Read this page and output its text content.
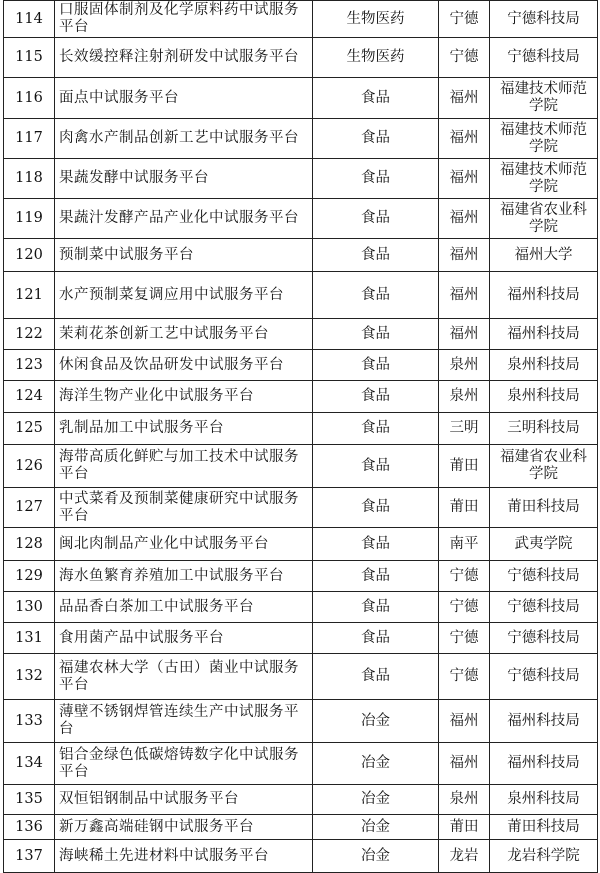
114	口服固体制剂及化学原料药中试服务平台	生物医药	宁德	宁德科技局
115	长效缓控释注射剂研发中试服务平台	生物医药	宁德	宁德科技局
116	面点中试服务平台	食品	福州	福建技术师范学院
117	肉禽水产制品创新工艺中试服务平台	食品	福州	福建技术师范学院
118	果蔬发酵中试服务平台	食品	福州	福建技术师范学院
119	果蔬汁发酵产品产业化中试服务平台	食品	福州	福建省农业科学院
120	预制菜中试服务平台	食品	福州	福州大学
121	水产预制菜复调应用中试服务平台	食品	福州	福州科技局
122	茉莉花茶创新工艺中试服务平台	食品	福州	福州科技局
123	休闲食品及饮品研发中试服务平台	食品	泉州	泉州科技局
124	海洋生物产业化中试服务平台	食品	泉州	泉州科技局
125	乳制品加工中试服务平台	食品	三明	三明科技局
126	海带高质化鲜贮与加工技术中试服务平台	食品	莆田	福建省农业科学院
127	中式菜肴及预制菜健康研究中试服务平台	食品	莆田	莆田科技局
128	闽北肉制品产业化中试服务平台	食品	南平	武夷学院
129	海水鱼繁育养殖加工中试服务平台	食品	宁德	宁德科技局
130	品品香白茶加工中试服务平台	食品	宁德	宁德科技局
131	食用菌产品中试服务平台	食品	宁德	宁德科技局
132	福建农林大学（古田）菌业中试服务平台	食品	宁德	宁德科技局
133	薄壁不锈钢焊管连续生产中试服务平台	冶金	福州	福州科技局
134	铝合金绿色低碳熔铸数字化中试服务平台	冶金	福州	福州科技局
135	双恒铝钢制品中试服务平台	冶金	泉州	泉州科技局
136	新万鑫高端硅钢中试服务平台	冶金	莆田	莆田科技局
137	海峡稀土先进材料中试服务平台	冶金	龙岩	龙岩科学院
